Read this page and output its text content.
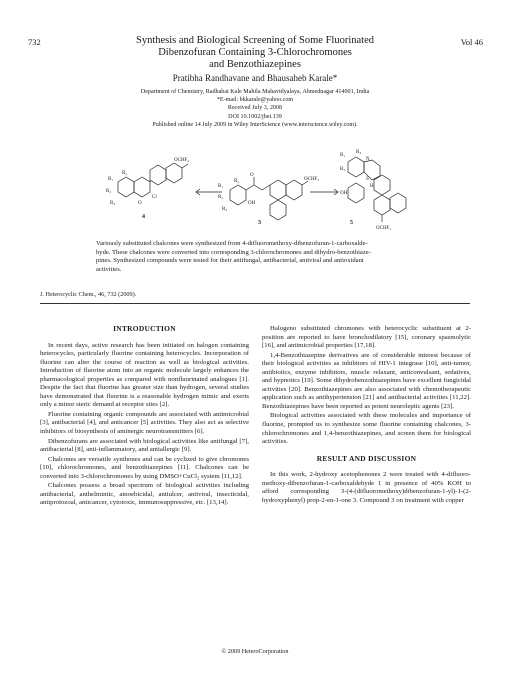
732	Vol 46
Synthesis and Biological Screening of Some Fluorinated
Dibenzofuran Containing 3-Chlorochromones
and Benzothiazepines
Pratibha Randhavane and Bhausaheb Karale*
Department of Chemistry, Radhabai Kale Mahila Mahavidyalaya, Ahmednagar 414001, India
*E-mail: bkkarale@yahoo.com
Received July 3, 2008
DOI 10.1002/jhet.139
Published online 14 July 2009 in Wiley InterScience (www.interscience.wiley.com).
OCHF₂
Cl
O
R₁
R₂
R₃
R₄
R₁
R₂
R₃
R₄
O
OH
OCHF₂
R₁
R₂
R₄
N
S
H
OH
OCHF₂
4
3	5
Variously substituted chalcones were synthesized from 4-difluoromethoxy-dibenzofuran-1-carboxalde-
hyde. These chalcones were converted into corresponding 3-chlorochromones and dihydro-benzothiaze-
pines. Synthesized compounds were tested for their antifungal, antibacterial, antiviral and antioxidant
activities.
J. Heterocyclic Chem., 46, 732 (2009).

INTRODUCTION

In recent days, active research has been initiated on halogen containing heterocycles, particularly fluorine containing heterocycles. Incorporation of fluorine can alter the course of reaction as well as biological activities. Introduction of fluorine atom into an organic molecule largely enhances the pharmacological properties as compared with nonfluorinated analogues [1]. Despite the fact that fluorine has greater size than hydrogen, several studies have demonstrated that fluorine is a reasonable hydrogen mimic and exerts only a minor steric demand at receptor sites [2].

Fluorine containing organic compounds are associated with antimicrobial [3], antibacterial [4], and anticancer [5] activities. They also act as selective inhibitors of biosynthesis of aminergic neurotransmitters [6].

Dibenzofurans are associated with biological activities like antifungal [7], antibacterial [8], anti-inflammatory, and antiallergic [9].

Chalcones are versatile synthones and can be cyclized to give chromones [10], chlorochromones, and benzothiazepines [11]. Chalcones can be converted into 3-chlorochromones by using DMSO+CuCl₂ system [11,12].

Chalcones possess a broad spectrum of biological activities including antibacterial, anthelmintic, amoebicidal, antiulcer, antiviral, insecticidal, antiprotozoal, anticancer, cytotoxic, immunosuppressive, etc. [13,14].

Halogeno substituted chromones with heterocyclic substituent at 2-position are reported to have bronchodilatory [15], coronary spasmolytic [16], and antimicrobial properties [17,18].

1,4-Benzothiazepine derivatives are of considerable interest because of their biological activities as inhibitors of HIV-1 integrase [10], anti-tumor, antibiotics, enzyme inhibitors, muscle relaxant, anticonvulsant, sedatives, and hypnotics [19]. Some dihydrobenzothiazepines have excellent fungicidal activities [20]. Benzothiazepines are also associated with chemotherapeutic application such as antihypertension [21] and antibacterial activities [11,22]. Benzothiazepines have been reported as potent neuroleptic agents [23].

Biological activities associated with these molecules and importance of fluorine, prompted us to synthesize some fluorine containing chalcones, 3-chlorochromones and 1,4-benzothiazepines, and screen them for biological activities.

RESULT AND DISCUSSION

In this work, 2-hydroxy acetophenones 2 were treated with 4-difluoro-methoxy-dibenzofuran-1-carboxaldehyde 1 in presence of 40% KOH to afford corresponding 3-(4-(difluoromethoxy)dibenzofuran-1-yl)-1-(2-hydroxyphenyl) prop-2-en-1-one 3. Compound 3 on treatment with copper

© 2009 HeteroCorporation
